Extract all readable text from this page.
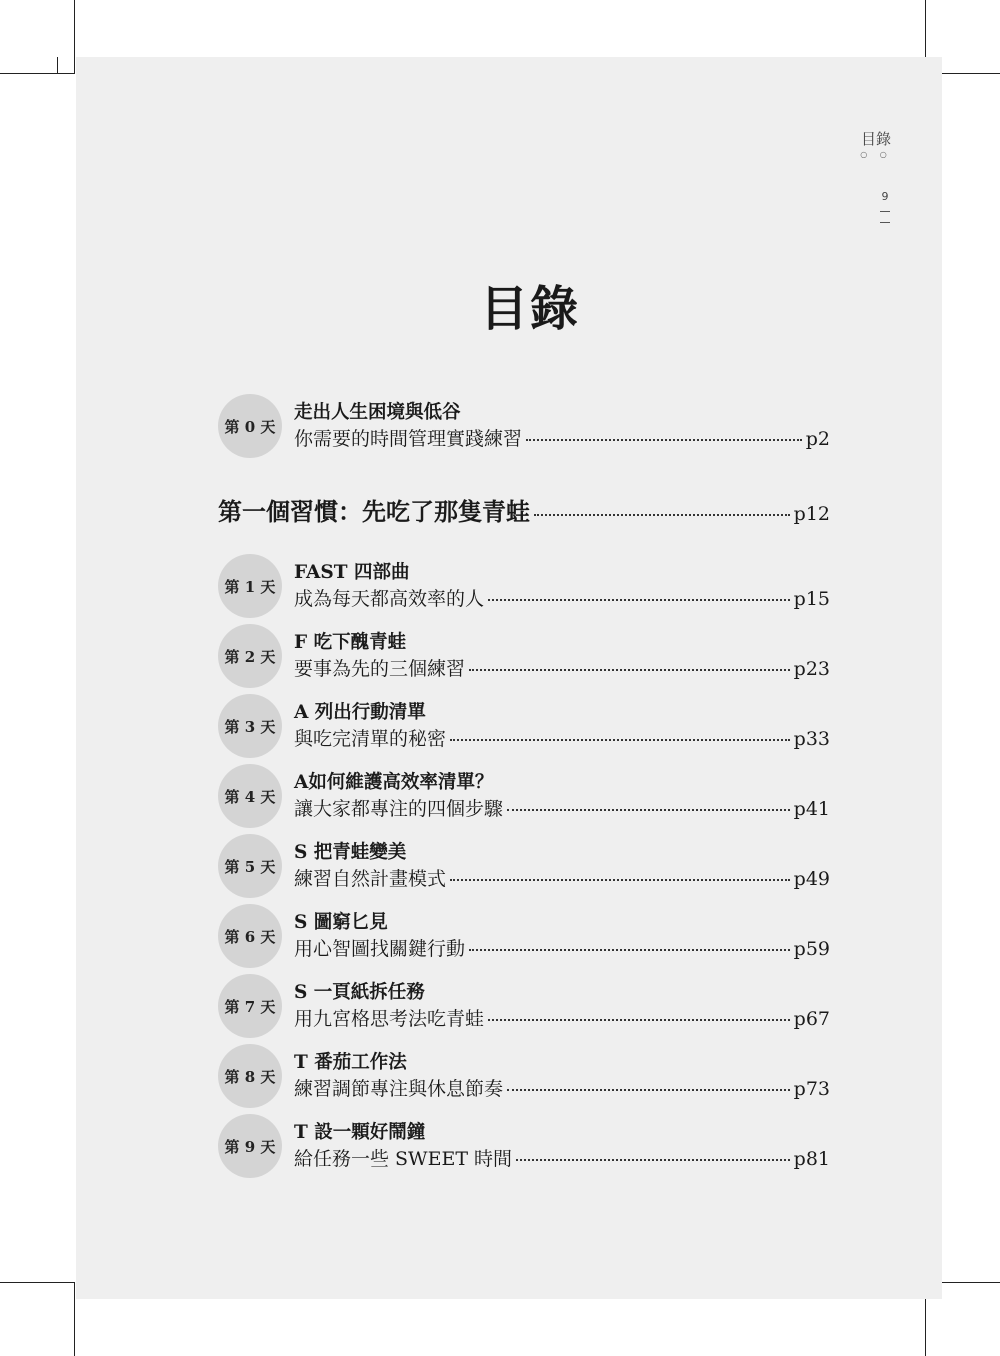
目錄
○ ○
9
目錄
第 0 天
走出人生困境與低谷
你需要的時間管理實踐練習	p2
第一個習慣：先吃了那隻青蛙	p12
第 1 天
FAST 四部曲
成為每天都高效率的人	p15
第 2 天
F 吃下醜青蛙
要事為先的三個練習	p23
第 3 天
A 列出行動清單
與吃完清單的秘密	p33
第 4 天
A如何維護高效率清單？
讓大家都專注的四個步驟	p41
第 5 天
S 把青蛙變美
練習自然計畫模式	p49
第 6 天
S 圖窮匕見
用心智圖找關鍵行動	p59
第 7 天
S 一頁紙拆任務
用九宮格思考法吃青蛙	p67
第 8 天
T 番茄工作法
練習調節專注與休息節奏	p73
第 9 天
T 設一顆好鬧鐘
給任務一些 SWEET 時間	p81
